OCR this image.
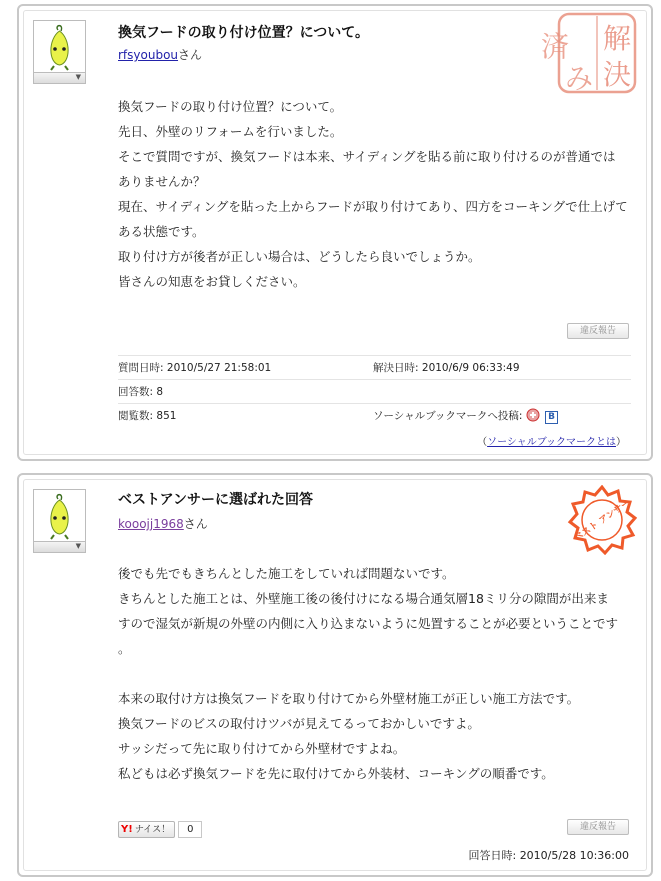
▼
換気フードの取り付け位置？について。
rfsyoubouさん	解
済
決
み

換気フードの取り付け位置？について。

先日、外壁のリフォームを行いました。

そこで質問ですが、換気フードは本来、サイディングを貼る前に取り付けるのが普通では

ありませんか？

現在、サイディングを貼った上からフードが取り付けてあり、四方をコーキングで仕上げて

ある状態です。

取り付け方が後者が正しい場合は、どうしたら良いでしょうか。

皆さんの知恵をお貸しください。

違反報告
質問日時: 2010/5/27 21:58:01	解決日時: 2010/6/9 06:33:49
回答数: 8
閲覧数: 851	ソーシャルブックマークへ投稿:	B
（ソーシャルブックマークとは）
▼
ベストアンサーに選ばれた回答
kooojj1968さん	ベスト アンサー

後でも先でもきちんとした施工をしていれば問題ないです。

きちんとした施工とは、外壁施工後の後付けになる場合通気層18ミリ分の隙間が出来ま

すので湿気が新規の外壁の内側に入り込まないように処置することが必要ということです

。

本来の取付け方は換気フードを取り付けてから外壁材施工が正しい施工方法です。

換気フードのビスの取付けツバが見えてるっておかしいですよ。

サッシだって先に取り付けてから外壁材ですよね。

私どもは必ず換気フードを先に取付けてから外装材、コーキングの順番です。

Y! ナイス！ 0	違反報告
回答日時: 2010/5/28 10:36:00
